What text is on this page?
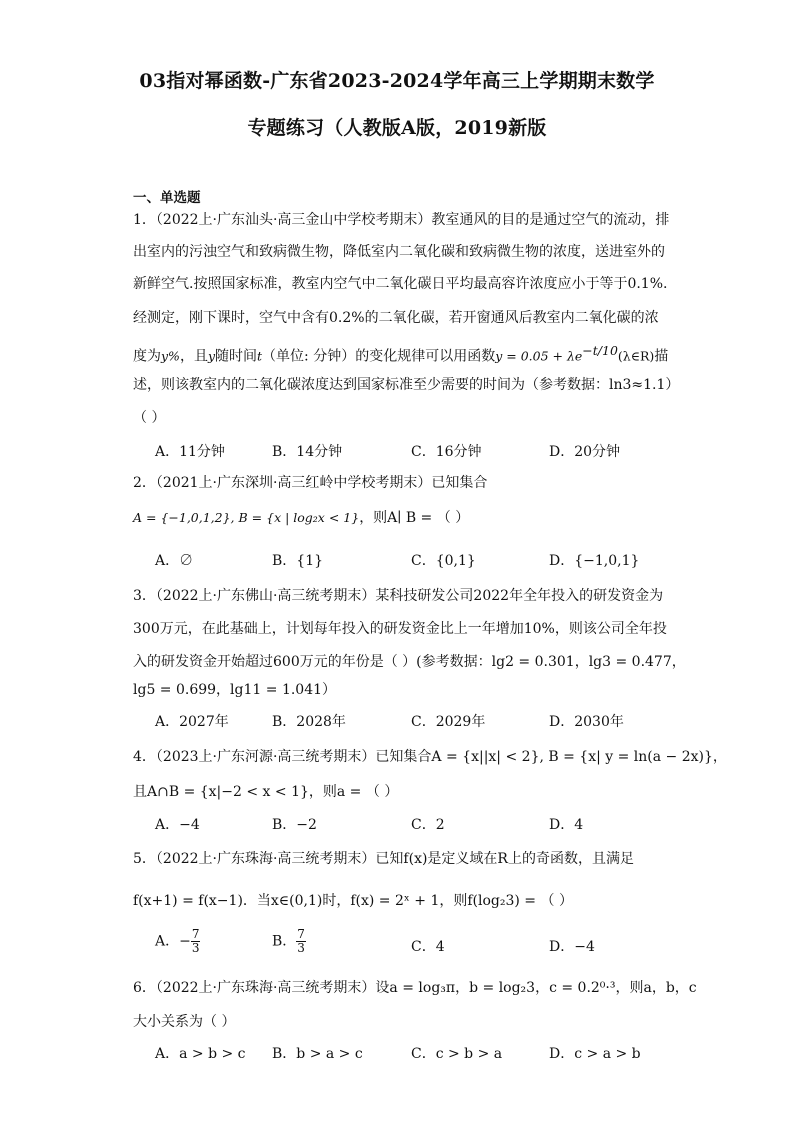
03指对幂函数-广东省2023-2024学年高三上学期期末数学
专题练习（人教版A版，2019新版
一、单选题
1．（2022上·广东汕头·高三金山中学校考期末）教室通风的目的是通过空气的流动，排
出室内的污浊空气和致病微生物，降低室内二氧化碳和致病微生物的浓度，送进室外的
新鲜空气.按照国家标准，教室内空气中二氧化碳日平均最高容许浓度应小于等于0.1%.
经测定，刚下课时，空气中含有0.2%的二氧化碳，若开窗通风后教室内二氧化碳的浓
度为y%，且y随时间t（单位: 分钟）的变化规律可以用函数$y = 0.05 + \lambda e^{-t/10}(\lambda\in R)$描
述，则该教室内的二氧化碳浓度达到国家标准至少需要的时间为（参考数据：ln3≈1.1）
（ ）
A．11分钟	B．14分钟	C．16分钟	D．20分钟
2．（2021上·广东深圳·高三红岭中学校考期末）已知集合
A = {−1,0,1,2}, B = {x | log₂x < 1}，则A∣ B = （ ）
A．∅	B．{1}	C．{0,1}	D．{−1,0,1}
3．（2022上·广东佛山·高三统考期末）某科技研发公司2022年全年投入的研发资金为
300万元，在此基础上，计划每年投入的研发资金比上一年增加10%，则该公司全年投
入的研发资金开始超过600万元的年份是（ ）(参考数据：lg2 = 0.301，lg3 = 0.477，
lg5 = 0.699，lg11 = 1.041）
A．2027年	B．2028年	C．2029年	D．2030年
4．（2023上·广东河源·高三统考期末）已知集合A = {x||x| < 2}, B = {x| y = ln(a − 2x)}，
且A∩B = {x|−2 < x < 1}，则a = （ ）
A．−4	B．−2	C．2	D．4
5．（2022上·广东珠海·高三统考期末）已知f(x)是定义域在R上的奇函数，且满足
f(x+1) = f(x−1)．当x∈(0,1)时，f(x) = 2ˣ + 1，则f(log₂3) = （ ）
A．− $\frac{7}{3}$	B． $\frac{7}{3}$	C．4	D．−4
6．（2022上·广东珠海·高三统考期末）设a = log₃π，b = log₂3，c = 0.2⁰·³，则a，b，c
大小关系为（ ）
A．a > b > c B．b > a > c	C．c > b > a	D．c > a > b
